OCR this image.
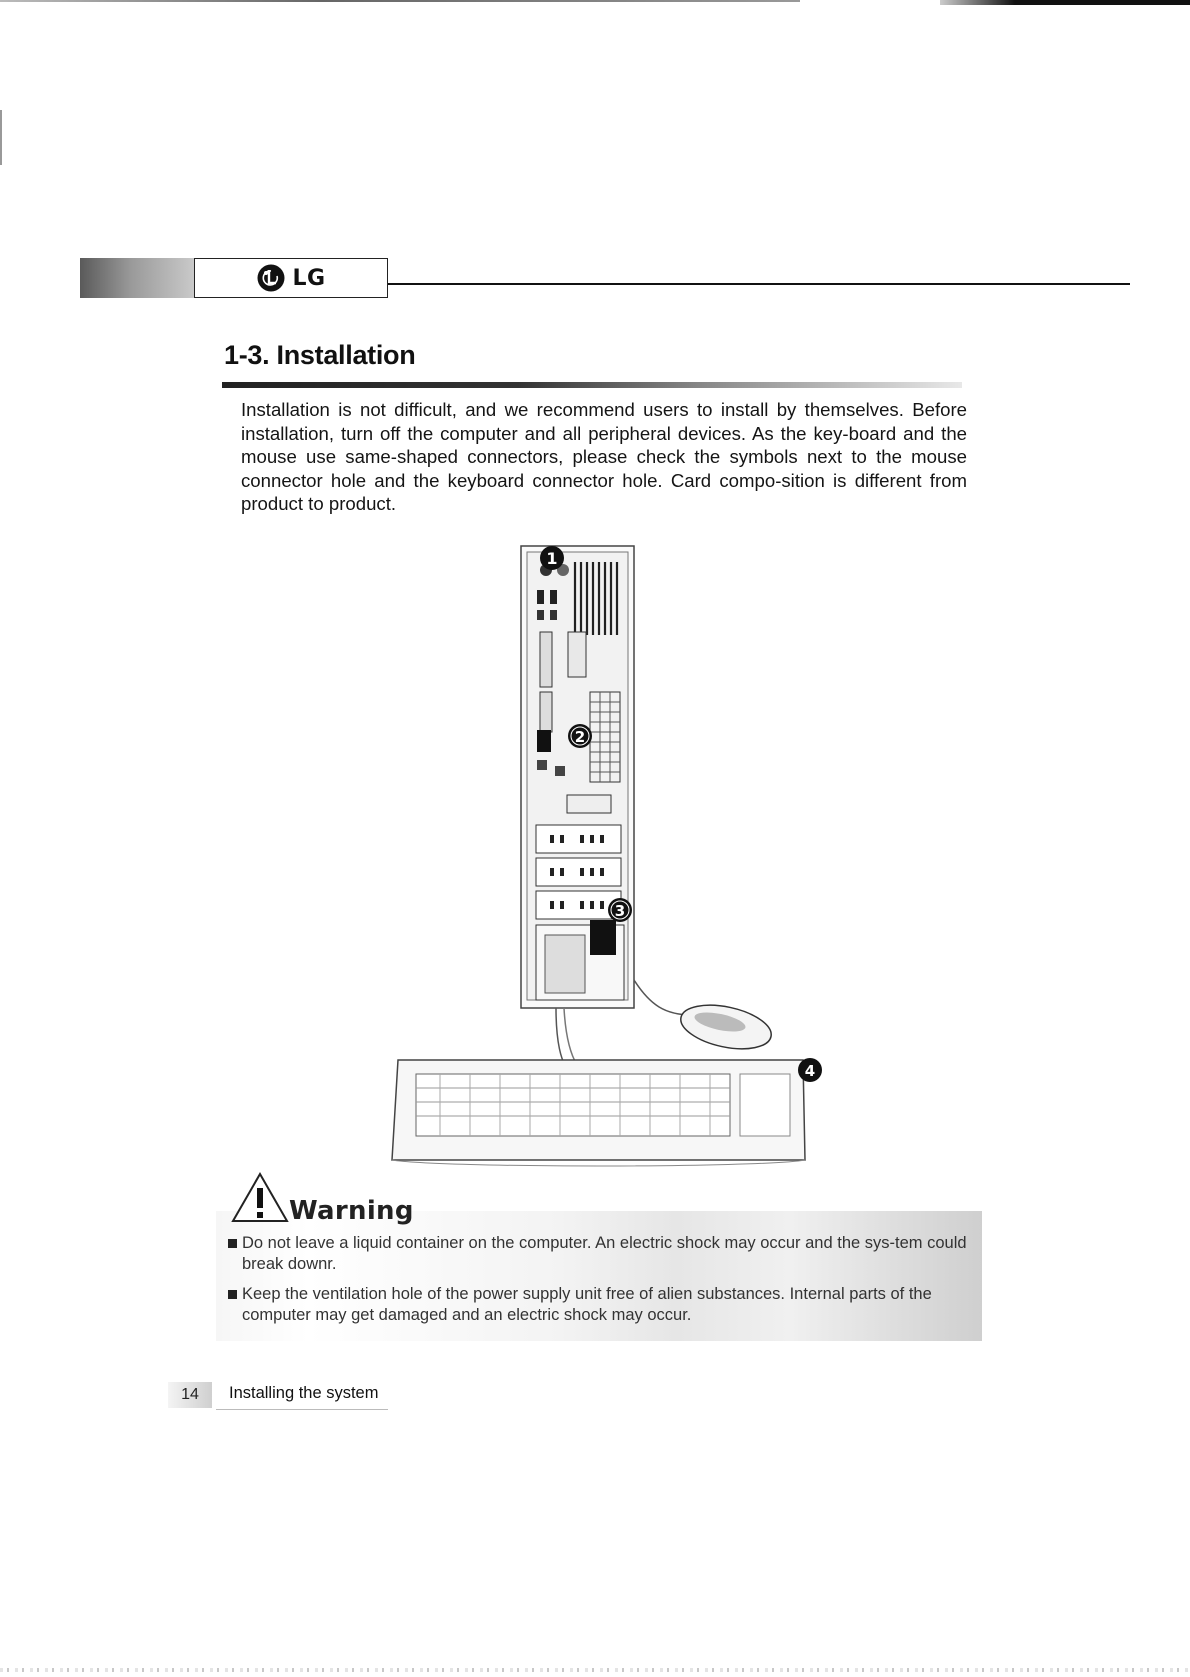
LG
1-3. Installation

Installation is not difficult, and we recommend users to install by themselves. Before installation, turn off the computer and all peripheral devices. As the key-board and the mouse use same-shaped connectors, please check the symbols next to the mouse connector hole and the keyboard connector hole. Card compo-sition is different from product to product.

1
2
3
4
Warning
Do not leave a liquid container on the computer. An electric shock may occur and the sys-tem could break downr.
Keep the ventilation hole of the power supply unit free of alien substances. Internal parts of the computer may get damaged and an electric shock may occur.
14	Installing the system
